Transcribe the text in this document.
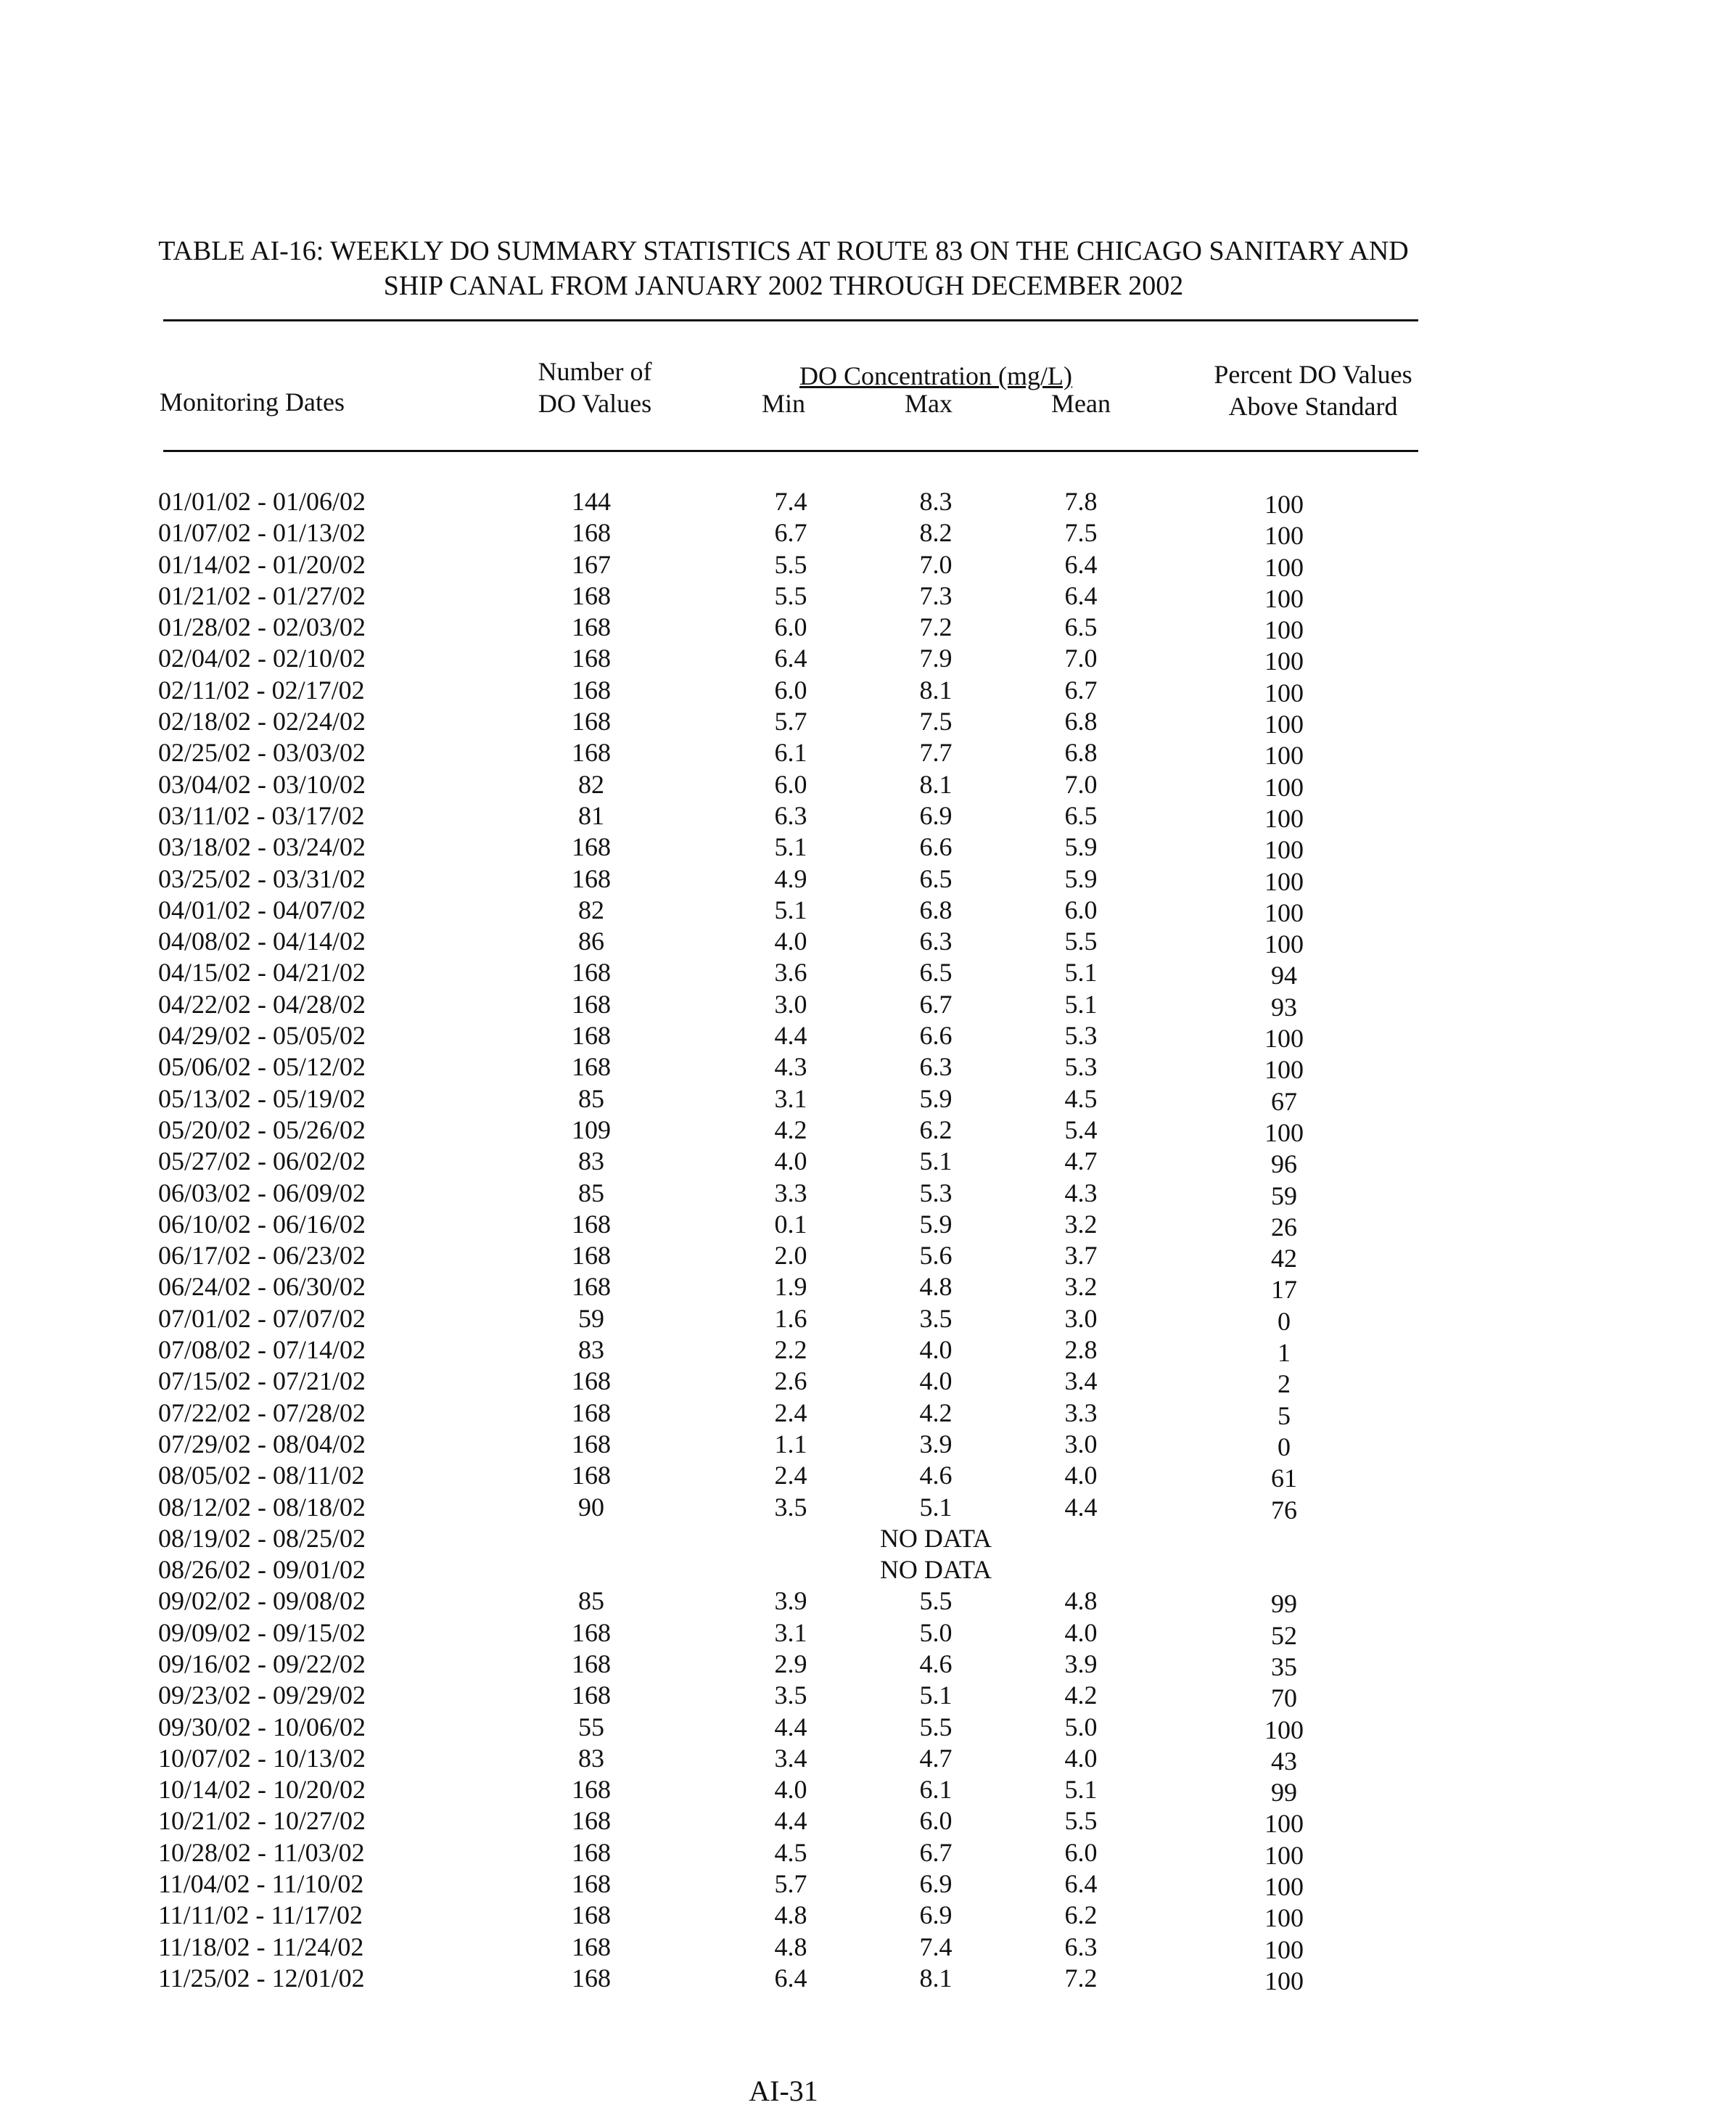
TABLE AI-16: WEEKLY DO SUMMARY STATISTICS AT ROUTE 83 ON THE CHICAGO SANITARY AND
SHIP CANAL FROM JANUARY 2002 THROUGH DECEMBER 2002
Monitoring Dates
Number of
DO Values
DO Concentration (mg/L)
Min	Max	Mean
Percent DO Values
Above Standard
01/01/02 - 01/06/02	144	7.4	8.3	7.8	100
01/07/02 - 01/13/02	168	6.7	8.2	7.5	100
01/14/02 - 01/20/02	167	5.5	7.0	6.4	100
01/21/02 - 01/27/02	168	5.5	7.3	6.4	100
01/28/02 - 02/03/02	168	6.0	7.2	6.5	100
02/04/02 - 02/10/02	168	6.4	7.9	7.0	100
02/11/02 - 02/17/02	168	6.0	8.1	6.7	100
02/18/02 - 02/24/02	168	5.7	7.5	6.8	100
02/25/02 - 03/03/02	168	6.1	7.7	6.8	100
03/04/02 - 03/10/02	82	6.0	8.1	7.0	100
03/11/02 - 03/17/02	81	6.3	6.9	6.5	100
03/18/02 - 03/24/02	168	5.1	6.6	5.9	100
03/25/02 - 03/31/02	168	4.9	6.5	5.9	100
04/01/02 - 04/07/02	82	5.1	6.8	6.0	100
04/08/02 - 04/14/02	86	4.0	6.3	5.5	100
04/15/02 - 04/21/02	168	3.6	6.5	5.1	94
04/22/02 - 04/28/02	168	3.0	6.7	5.1	93
04/29/02 - 05/05/02	168	4.4	6.6	5.3	100
05/06/02 - 05/12/02	168	4.3	6.3	5.3	100
05/13/02 - 05/19/02	85	3.1	5.9	4.5	67
05/20/02 - 05/26/02	109	4.2	6.2	5.4	100
05/27/02 - 06/02/02	83	4.0	5.1	4.7	96
06/03/02 - 06/09/02	85	3.3	5.3	4.3	59
06/10/02 - 06/16/02	168	0.1	5.9	3.2	26
06/17/02 - 06/23/02	168	2.0	5.6	3.7	42
06/24/02 - 06/30/02	168	1.9	4.8	3.2	17
07/01/02 - 07/07/02	59	1.6	3.5	3.0	0
07/08/02 - 07/14/02	83	2.2	4.0	2.8	1
07/15/02 - 07/21/02	168	2.6	4.0	3.4	2
07/22/02 - 07/28/02	168	2.4	4.2	3.3	5
07/29/02 - 08/04/02	168	1.1	3.9	3.0	0
08/05/02 - 08/11/02	168	2.4	4.6	4.0	61
08/12/02 - 08/18/02	90	3.5	5.1	4.4	76
08/19/02 - 08/25/02	NO DATA
08/26/02 - 09/01/02	NO DATA
09/02/02 - 09/08/02	85	3.9	5.5	4.8	99
09/09/02 - 09/15/02	168	3.1	5.0	4.0	52
09/16/02 - 09/22/02	168	2.9	4.6	3.9	35
09/23/02 - 09/29/02	168	3.5	5.1	4.2	70
09/30/02 - 10/06/02	55	4.4	5.5	5.0	100
10/07/02 - 10/13/02	83	3.4	4.7	4.0	43
10/14/02 - 10/20/02	168	4.0	6.1	5.1	99
10/21/02 - 10/27/02	168	4.4	6.0	5.5	100
10/28/02 - 11/03/02	168	4.5	6.7	6.0	100
11/04/02 - 11/10/02	168	5.7	6.9	6.4	100
11/11/02 - 11/17/02	168	4.8	6.9	6.2	100
11/18/02 - 11/24/02	168	4.8	7.4	6.3	100
11/25/02 - 12/01/02	168	6.4	8.1	7.2	100
AI-31
